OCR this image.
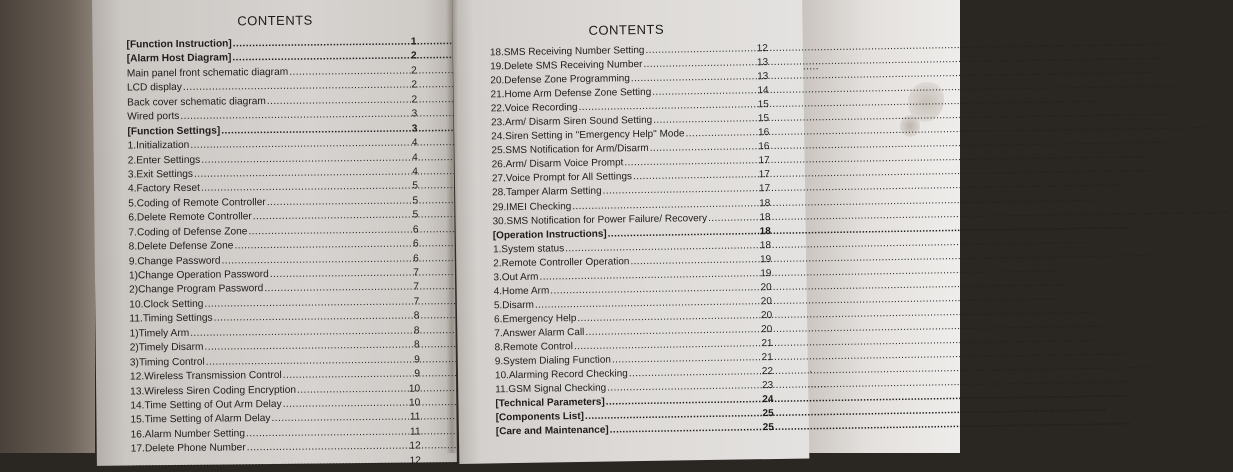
CONTENTS
[Function Instruction] .....	1
[Alarm Host Diagram] .....	2
Main panel front schematic diagram .....	2
LCD display .....	2
Back cover schematic diagram .....	2
Wired ports .....	3
[Function Settings] .....	3
1.Initialization .....	4
2.Enter Settings .....	4
3.Exit Settings .....	4
4.Factory Reset .....	5
5.Coding of Remote Controller .....	5
6.Delete Remote Controller .....	5
7.Coding of Defense Zone .....	6
8.Delete Defense Zone .....	6
9.Change Password .....	6
1)Change Operation Password .....	7
2)Change Program Password .....	7
10.Clock Setting .....	7
11.Timing Settings .....	8
1)Timely Arm .....	8
2)Timely Disarm .....	8
3)Timing Control .....	9
12.Wireless Transmission Control .....	9
13.Wireless Siren Coding Encryption .....	10
14.Time Setting of Out Arm Delay .....	10
15.Time Setting of Alarm Delay .....	11
16.Alarm Number Setting .....	11
17.Delete Phone Number .....	12
.....
12
CONTENTS
18.SMS Receiving Number Setting .....	12
19.Delete SMS Receiving Number .....	13
20.Defense Zone Programming .....	13
21.Home Arm Defense Zone Setting .....	14
22.Voice Recording .....	15
23.Arm/ Disarm Siren Sound Setting .....	15
24.Siren Setting in "Emergency Help" Mode .....	16
25.SMS Notification for Arm/Disarm .....	16
26.Arm/ Disarm Voice Prompt .....	17
27.Voice Prompt for All Settings .....	17
28.Tamper Alarm Setting .....	17
29.IMEI Checking .....	18
30.SMS Notification for Power Failure/ Recovery .....	18
[Operation Instructions] .....	18
1.System status .....	18
2.Remote Controller Operation .....	19
3.Out Arm .....	19
4.Home Arm .....	20
5.Disarm .....	20
6.Emergency Help .....	20
7.Answer Alarm Call .....	20
8.Remote Control .....	21
9.System Dialing Function .....	21
10.Alarming Record Checking .....	22
11.GSM Signal Checking .....	23
[Technical Parameters] .....	24
[Components List] .....	25
[Care and Maintenance] .....	25
